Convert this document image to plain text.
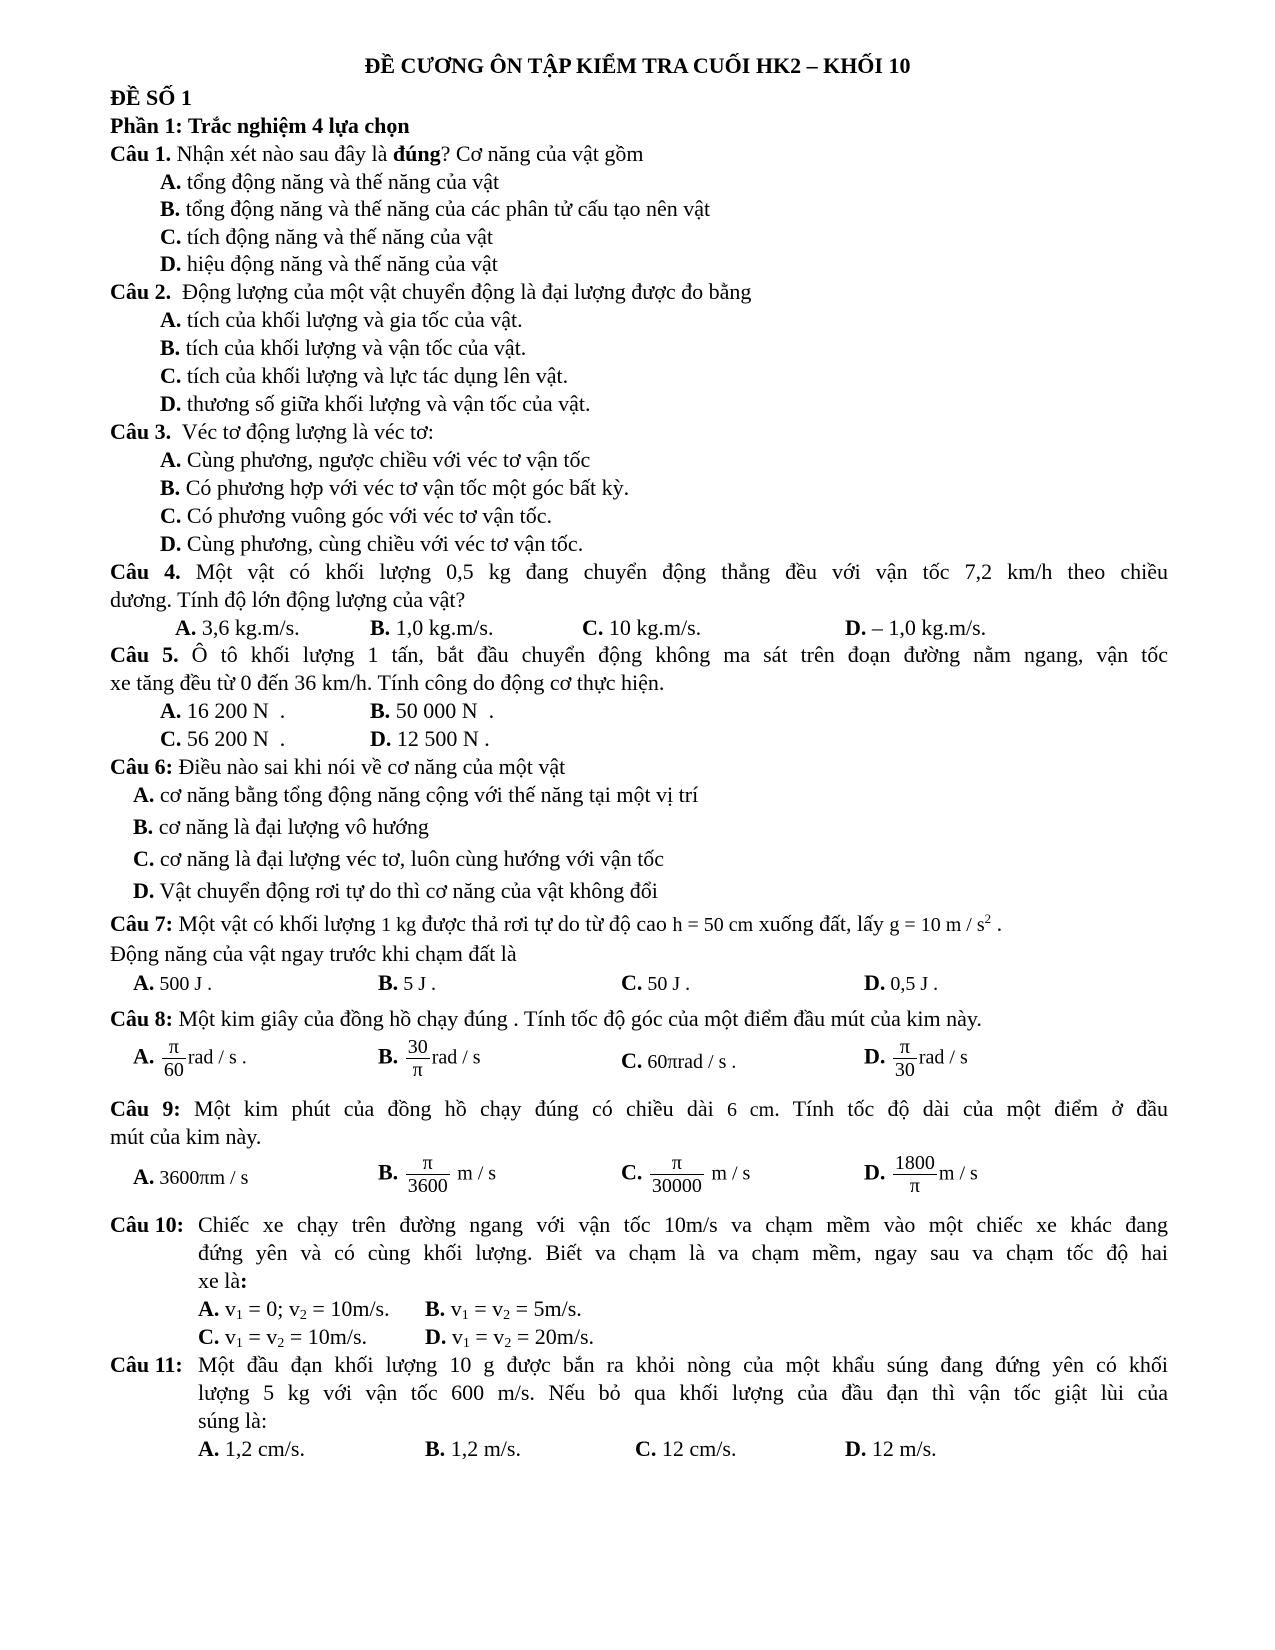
ĐỀ CƯƠNG ÔN TẬP KIỂM TRA CUỐI HK2 – KHỐI 10
ĐỀ SỐ 1
Phần 1: Trắc nghiệm 4 lựa chọn
Câu 1. Nhận xét nào sau đây là đúng? Cơ năng của vật gồm
A. tổng động năng và thế năng của vật
B. tổng động năng và thế năng của các phân tử cấu tạo nên vật
C. tích động năng và thế năng của vật
D. hiệu động năng và thế năng của vật
Câu 2.  Động lượng của một vật chuyển động là đại lượng được đo bằng
A. tích của khối lượng và gia tốc của vật.
B. tích của khối lượng và vận tốc của vật.
C. tích của khối lượng và lực tác dụng lên vật.
D. thương số giữa khối lượng và vận tốc của vật.
Câu 3.  Véc tơ động lượng là véc tơ:
A. Cùng phương, ngược chiều với véc tơ vận tốc
B. Có phương hợp với véc tơ vận tốc một góc bất kỳ.
C. Có phương vuông góc với véc tơ vận tốc.
D. Cùng phương, cùng chiều với véc tơ vận tốc.
Câu 4. Một vật có khối lượng 0,5 kg đang chuyển động thẳng đều với vận tốc 7,2 km/h theo chiều
dương. Tính độ lớn động lượng của vật?
A. 3,6 kg.m/s.	B. 1,0 kg.m/s.	C. 10 kg.m/s.	D. – 1,0 kg.m/s.
Câu 5. Ô tô khối lượng 1 tấn, bắt đầu chuyển động không ma sát trên đoạn đường nằm ngang, vận tốc
xe tăng đều từ 0 đến 36 km/h. Tính công do động cơ thực hiện.
A. 16 200 N  .	B. 50 000 N  .
C. 56 200 N  .	D. 12 500 N .
Câu 6: Điều nào sai khi nói về cơ năng của một vật
A. cơ năng bằng tổng động năng cộng với thế năng tại một vị trí
B. cơ năng là đại lượng vô hướng
C. cơ năng là đại lượng véc tơ, luôn cùng hướng với vận tốc
D. Vật chuyển động rơi tự do thì cơ năng của vật không đổi
Câu 7: Một vật có khối lượng 1 kg được thả rơi tự do từ độ cao h = 50 cm xuống đất, lấy g = 10 m / $s^2$ .
Động năng của vật ngay trước khi chạm đất là
A. 500 J .	B. 5 J .	C. 50 J .	D. 0,5 J .
Câu 8: Một kim giây của đồng hồ chạy đúng . Tính tốc độ góc của một điểm đầu mút của kim này.
A. $\frac{\pi}{60}$ rad / s .	B. $\frac{30}{\pi}$ rad / s	C. 60πrad / s .	D. $\frac{\pi}{30}$ rad / s
Câu 9: Một kim phút của đồng hồ chạy đúng có chiều dài 6 cm. Tính tốc độ dài của một điểm ở đầu
mút của kim này.
A. 3600πm / s	B. $\frac{\pi}{3600}$ m / s	C. $\frac{\pi}{30000}$ m / s	D. $\frac{1800}{\pi}$ m / s
Câu 10: Chiếc xe chạy trên đường ngang với vận tốc 10m/s va chạm mềm vào một chiếc xe khác đang
đứng yên và có cùng khối lượng. Biết va chạm là va chạm mềm, ngay sau va chạm tốc độ hai
xe là:
A. $v_1 = 0$; $v_2 = 10m/s$. B. $v_1 = v_2 = 5m/s$.
C. $v_1 = v_2 = 10m/s$.	D. $v_1 = v_2 = 20m/s$.
Câu 11: Một đầu đạn khối lượng 10 g được bắn ra khỏi nòng của một khẩu súng đang đứng yên có khối
lượng 5 kg với vận tốc 600 m/s. Nếu bỏ qua khối lượng của đầu đạn thì vận tốc giật lùi của
súng là:
A. 1,2 cm/s.	B. 1,2 m/s.	C. 12 cm/s.	D. 12 m/s.
